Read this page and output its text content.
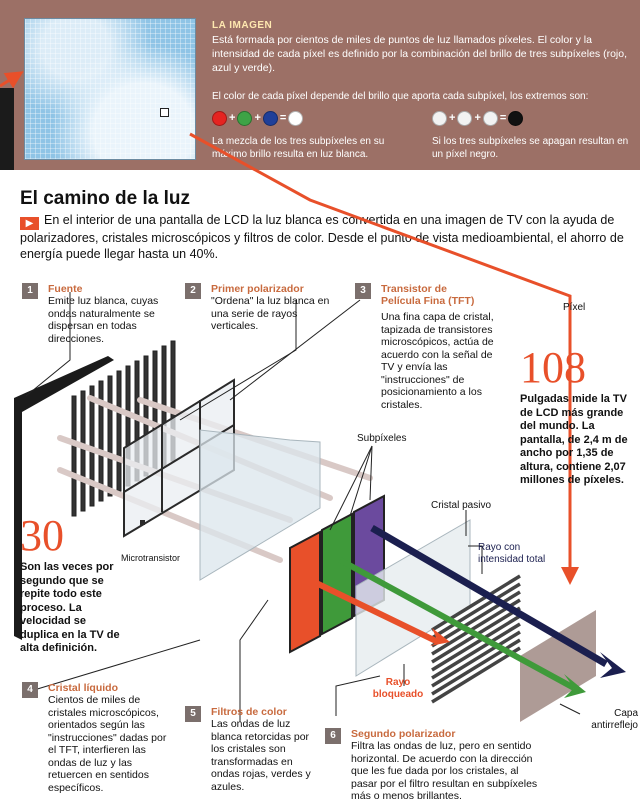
LA IMAGEN

Está formada por cientos de miles de puntos de luz llamados píxeles. El color y la intensidad de cada píxel es definido por la combinación del brillo de tres subpíxeles (rojo, azul y verde).

El color de cada píxel depende del brillo que aporta cada subpíxel, los extremos son:

+ + =	+ + =

La mezcla de los tres subpíxeles en su máximo brillo resulta en luz blanca.

Si los tres subpíxeles se apagan resultan en un píxel negro.

El camino de la luz

▶ En el interior de una pantalla de LCD la luz blanca es convertida en una imagen de TV con la ayuda de polarizadores, cristales microscópicos y filtros de color. Desde el punto de vista medioambiental, el ahorro de energía puede llegar hasta un 40%.

1	Fuente

Emite luz blanca, cuyas ondas naturalmente se dispersan en todas direcciones.

2	Primer polarizador

"Ordena" la luz blanca en una serie de rayos verticales.

3	Transistor de Película Fina (TFT)

Una fina capa de cristal, tapizada de transistores microscópicos, actúa de acuerdo con la señal de TV y envía las "instrucciones" de posicionamiento a los cristales.

4	Cristal líquido

Cientos de miles de cristales microscópicos, orientados según las "instrucciones" dadas por el TFT, interfieren las ondas de luz y las retuercen en sentidos específicos.

5	Filtros de color

Las ondas de luz blanca retorcidas por los cristales son transformadas en ondas rojas, verdes y azules.

6	Segundo polarizador

Filtra las ondas de luz, pero en sentido horizontal. De acuerdo con la dirección que les fue dada por los cristales, al pasar por el filtro resultan en subpíxeles más o menos brillantes.

Píxel
Subpíxeles
Cristal pasivo
Microtransistor
Rayo con intensidad total
Rayo bloqueado
Capa antirreflejo
108

Pulgadas mide la TV de LCD más grande del mundo. La pantalla, de 2,4 m de ancho por 1,35 de altura, contiene 2,07 millones de píxeles.

30

Son las veces por segundo que se repite todo este proceso. La velocidad se duplica en la TV de alta definición.
